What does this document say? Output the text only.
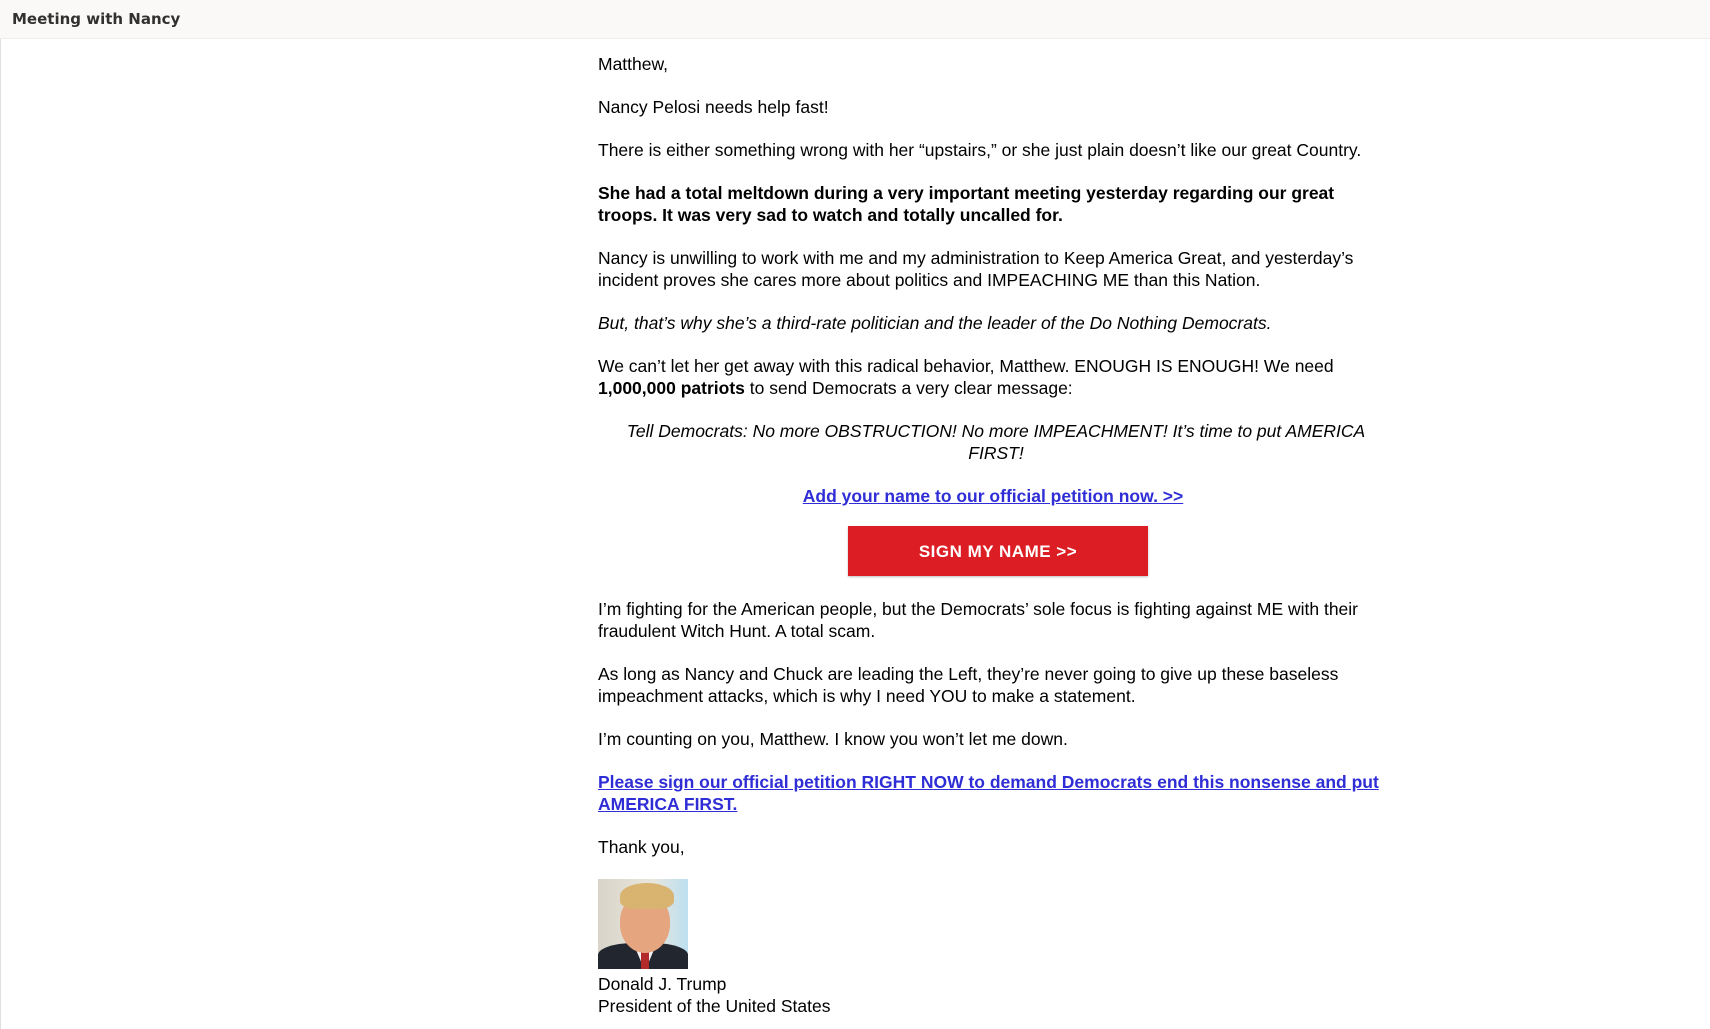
Meeting with Nancy

Matthew,

Nancy Pelosi needs help fast!

There is either something wrong with her “upstairs,” or she just plain doesn’t like our great Country.

She had a total meltdown during a very important meeting yesterday regarding our great troops. It was very sad to watch and totally uncalled for.

Nancy is unwilling to work with me and my administration to Keep America Great, and yesterday’s incident proves she cares more about politics and IMPEACHING ME than this Nation.

But, that’s why she’s a third-rate politician and the leader of the Do Nothing Democrats.

We can’t let her get away with this radical behavior, Matthew. ENOUGH IS ENOUGH! We need 1,000,000 patriots to send Democrats a very clear message:

Tell Democrats: No more OBSTRUCTION! No more IMPEACHMENT! It’s time to put AMERICA FIRST!

Add your name to our official petition now. >>

SIGN MY NAME >>

I’m fighting for the American people, but the Democrats’ sole focus is fighting against ME with their fraudulent Witch Hunt. A total scam.

As long as Nancy and Chuck are leading the Left, they’re never going to give up these baseless impeachment attacks, which is why I need YOU to make a statement.

I’m counting on you, Matthew. I know you won’t let me down.

Please sign our official petition RIGHT NOW to demand Democrats end this nonsense and put AMERICA FIRST.

Thank you,

Donald J. Trump
President of the United States
